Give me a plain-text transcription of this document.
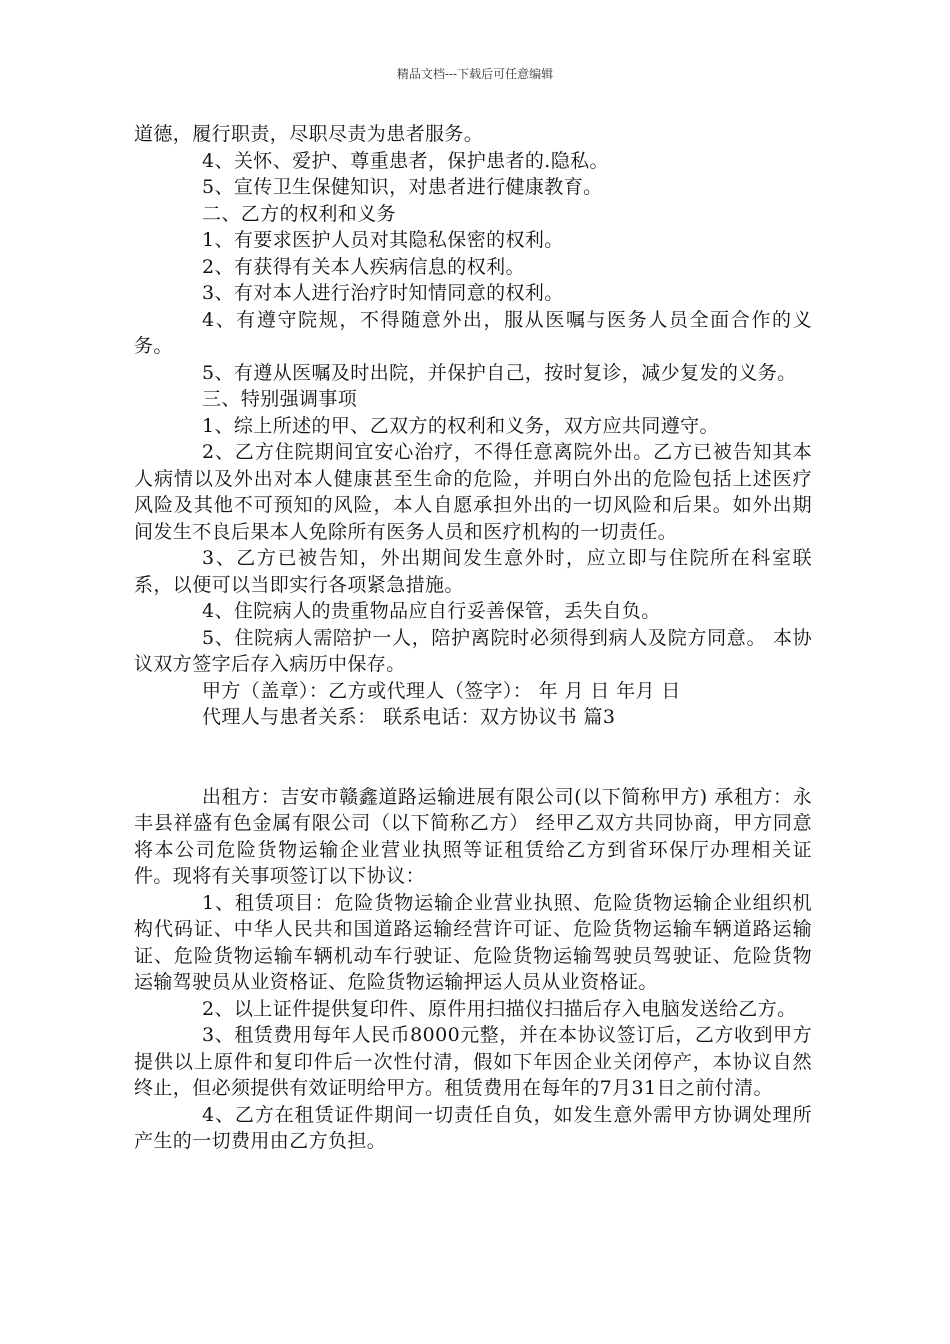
精品文档---下载后可任意编辑

道德，履行职责，尽职尽责为患者服务。

4、关怀、爱护、尊重患者，保护患者的.隐私。

5、宣传卫生保健知识，对患者进行健康教育。

二、乙方的权利和义务

1、有要求医护人员对其隐私保密的权利。

2、有获得有关本人疾病信息的权利。

3、有对本人进行治疗时知情同意的权利。

4、有遵守院规，不得随意外出，服从医嘱与医务人员全面合作的义务。

5、有遵从医嘱及时出院，并保护自己，按时复诊，减少复发的义务。

三、特别强调事项

1、综上所述的甲、乙双方的权利和义务，双方应共同遵守。

2、乙方住院期间宜安心治疗，不得任意离院外出。乙方已被告知其本人病情以及外出对本人健康甚至生命的危险，并明白外出的危险包括上述医疗风险及其他不可预知的风险，本人自愿承担外出的一切风险和后果。如外出期间发生不良后果本人免除所有医务人员和医疗机构的一切责任。

3、乙方已被告知，外出期间发生意外时，应立即与住院所在科室联系，以便可以当即实行各项紧急措施。

4、住院病人的贵重物品应自行妥善保管，丢失自负。

5、住院病人需陪护一人，陪护离院时必须得到病人及院方同意。 本协议双方签字后存入病历中保存。

甲方（盖章）：乙方或代理人（签字）： 年 月 日 年月 日

代理人与患者关系： 联系电话：双方协议书 篇3

出租方：吉安市赣鑫道路运输进展有限公司(以下简称甲方) 承租方：永丰县祥盛有色金属有限公司（以下简称乙方） 经甲乙双方共同协商，甲方同意将本公司危险货物运输企业营业执照等证租赁给乙方到省环保厅办理相关证件。现将有关事项签订以下协议：

1、租赁项目：危险货物运输企业营业执照、危险货物运输企业组织机构代码证、中华人民共和国道路运输经营许可证、危险货物运输车辆道路运输证、危险货物运输车辆机动车行驶证、危险货物运输驾驶员驾驶证、危险货物运输驾驶员从业资格证、危险货物运输押运人员从业资格证。

2、以上证件提供复印件、原件用扫描仪扫描后存入电脑发送给乙方。

3、租赁费用每年人民币8000元整，并在本协议签订后，乙方收到甲方提供以上原件和复印件后一次性付清，假如下年因企业关闭停产，本协议自然终止，但必须提供有效证明给甲方。租赁费用在每年的7月31日之前付清。

4、乙方在租赁证件期间一切责任自负，如发生意外需甲方协调处理所产生的一切费用由乙方负担。
